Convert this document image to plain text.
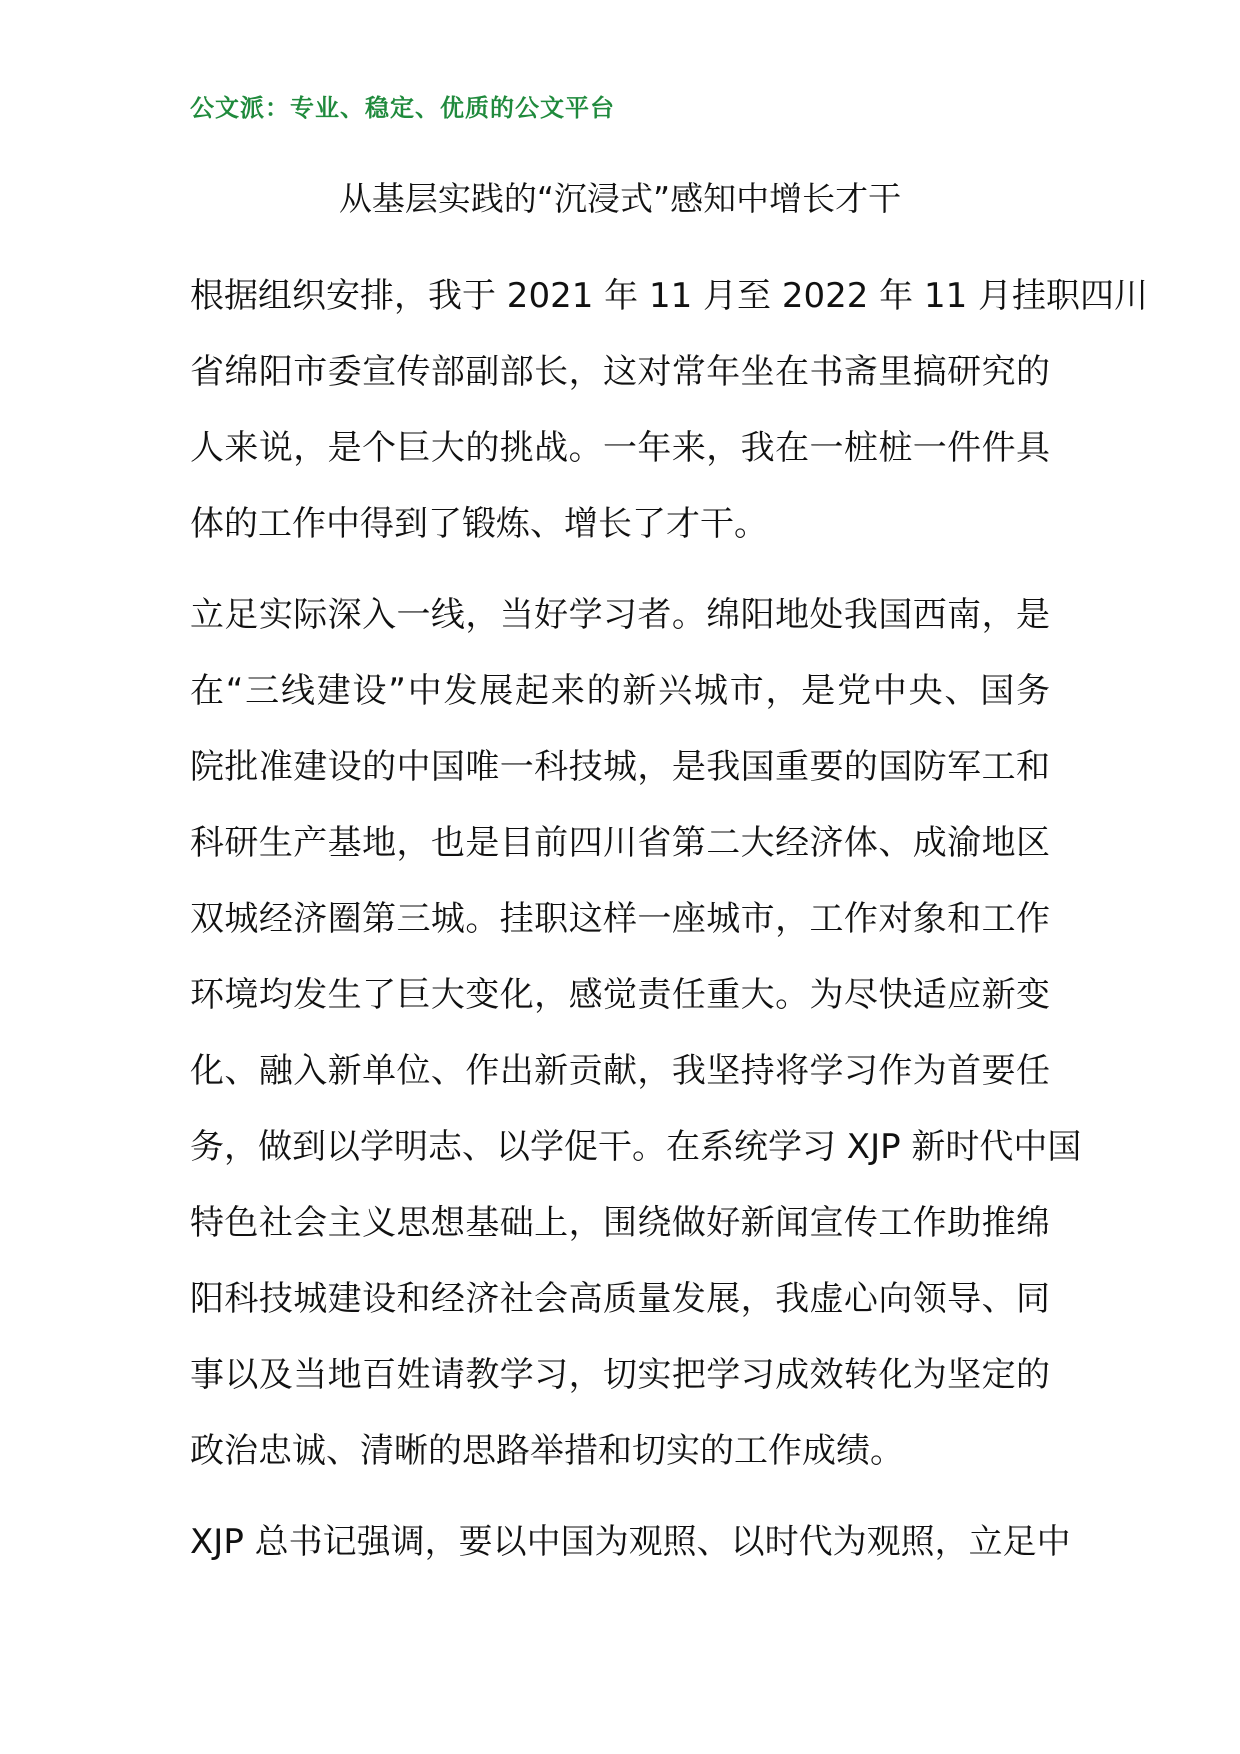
公文派：专业、稳定、优质的公文平台
从基层实践的“沉浸式”感知中增长才干
根据组织安排，我于 2021 年 11 月至 2022 年 11 月挂职四川
省绵阳市委宣传部副部长，这对常年坐在书斋里搞研究的
人来说，是个巨大的挑战。一年来，我在一桩桩一件件具
体的工作中得到了锻炼、增长了才干。
立足实际深入一线，当好学习者。绵阳地处我国西南，是
在“三线建设”中发展起来的新兴城市，是党中央、国务
院批准建设的中国唯一科技城，是我国重要的国防军工和
科研生产基地，也是目前四川省第二大经济体、成渝地区
双城经济圈第三城。挂职这样一座城市，工作对象和工作
环境均发生了巨大变化，感觉责任重大。为尽快适应新变
化、融入新单位、作出新贡献，我坚持将学习作为首要任
务，做到以学明志、以学促干。在系统学习 XJP 新时代中国
特色社会主义思想基础上，围绕做好新闻宣传工作助推绵
阳科技城建设和经济社会高质量发展，我虚心向领导、同
事以及当地百姓请教学习，切实把学习成效转化为坚定的
政治忠诚、清晰的思路举措和切实的工作成绩。
XJP 总书记强调，要以中国为观照、以时代为观照，立足中
